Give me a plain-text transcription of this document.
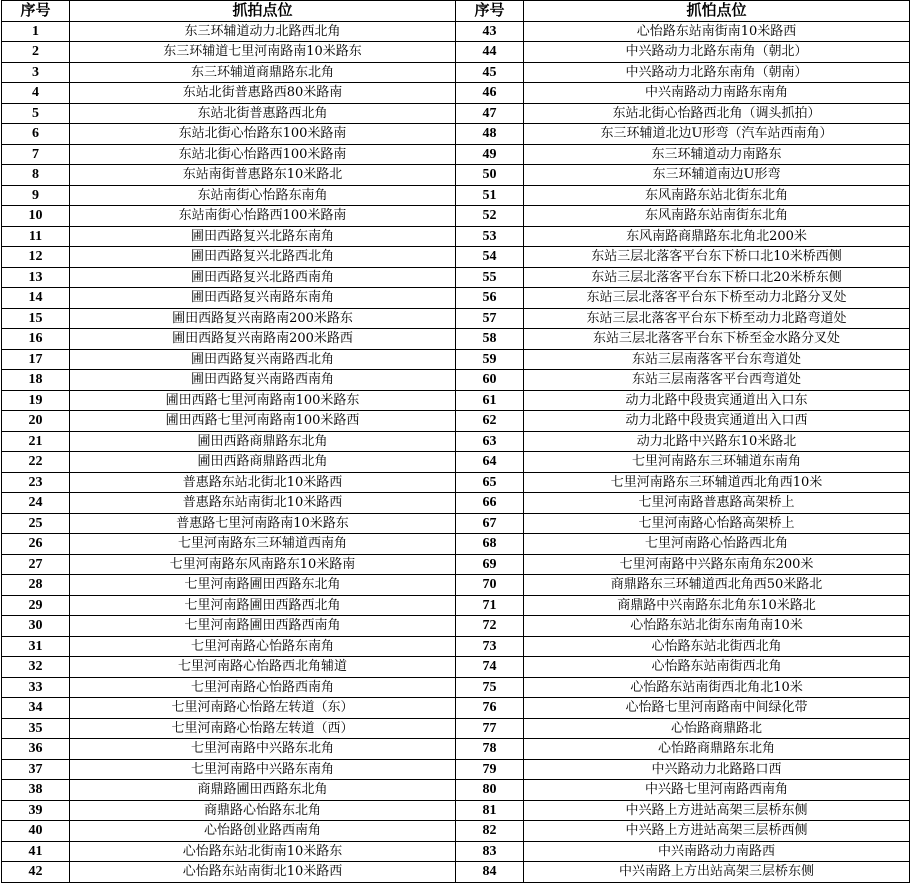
序号	抓拍点位	序号	抓怕点位
1	东三环辅道动力北路西北角	43	心怡路东站南街南10米路西
2	东三环辅道七里河南路南10米路东	44	中兴路动力北路东南角（朝北）
3	东三环辅道商鼎路东北角	45	中兴路动力北路东南角（朝南）
4	东站北街普惠路西80米路南	46	中兴南路动力南路东南角
5	东站北街普惠路西北角	47	东站北街心怡路西北角（调头抓拍）
6	东站北街心怡路东100米路南	48	东三环辅道北边U形弯（汽车站西南角）
7	东站北街心怡路西100米路南	49	东三环辅道动力南路东
8	东站南街普惠路东10米路北	50	东三环辅道南边U形弯
9	东站南街心怡路东南角	51	东风南路东站北街东北角
10	东站南街心怡路西100米路南	52	东风南路东站南街东北角
11	圃田西路复兴北路东南角	53	东风南路商鼎路东北角北200米
12	圃田西路复兴北路西北角	54	东站三层北落客平台东下桥口北10米桥西侧
13	圃田西路复兴北路西南角	55	东站三层北落客平台东下桥口北20米桥东侧
14	圃田西路复兴南路东南角	56	东站三层北落客平台东下桥至动力北路分叉处
15	圃田西路复兴南路南200米路东	57	东站三层北落客平台东下桥至动力北路弯道处
16	圃田西路复兴南路南200米路西	58	东站三层北落客平台东下桥至金水路分叉处
17	圃田西路复兴南路西北角	59	东站三层南落客平台东弯道处
18	圃田西路复兴南路西南角	60	东站三层南落客平台西弯道处
19	圃田西路七里河南路南100米路东	61	动力北路中段贵宾通道出入口东
20	圃田西路七里河南路南100米路西	62	动力北路中段贵宾通道出入口西
21	圃田西路商鼎路东北角	63	动力北路中兴路东10米路北
22	圃田西路商鼎路西北角	64	七里河南路东三环辅道东南角
23	普惠路东站北街北10米路西	65	七里河南路东三环辅道西北角西10米
24	普惠路东站南街北10米路西	66	七里河南路普惠路高架桥上
25	普惠路七里河南路南10米路东	67	七里河南路心怡路高架桥上
26	七里河南路东三环辅道西南角	68	七里河南路心怡路西北角
27	七里河南路东风南路东10米路南	69	七里河南路中兴路东南角东200米
28	七里河南路圃田西路东北角	70	商鼎路东三环辅道西北角西50米路北
29	七里河南路圃田西路西北角	71	商鼎路中兴南路东北角东10米路北
30	七里河南路圃田西路西南角	72	心怡路东站北街东南角南10米
31	七里河南路心怡路东南角	73	心怡路东站北街西北角
32	七里河南路心怡路西北角辅道	74	心怡路东站南街西北角
33	七里河南路心怡路西南角	75	心怡路东站南街西北角北10米
34	七里河南路心怡路左转道（东）	76	心怡路七里河南路南中间绿化带
35	七里河南路心怡路左转道（西）	77	心怡路商鼎路北
36	七里河南路中兴路东北角	78	心怡路商鼎路东北角
37	七里河南路中兴路东南角	79	中兴路动力北路路口西
38	商鼎路圃田西路东北角	80	中兴路七里河南路西南角
39	商鼎路心怡路东北角	81	中兴路上方进站高架三层桥东侧
40	心怡路创业路西南角	82	中兴路上方进站高架三层桥西侧
41	心怡路东站北街南10米路东	83	中兴南路动力南路西
42	心怡路东站南街北10米路西	84	中兴南路上方出站高架三层桥东侧
